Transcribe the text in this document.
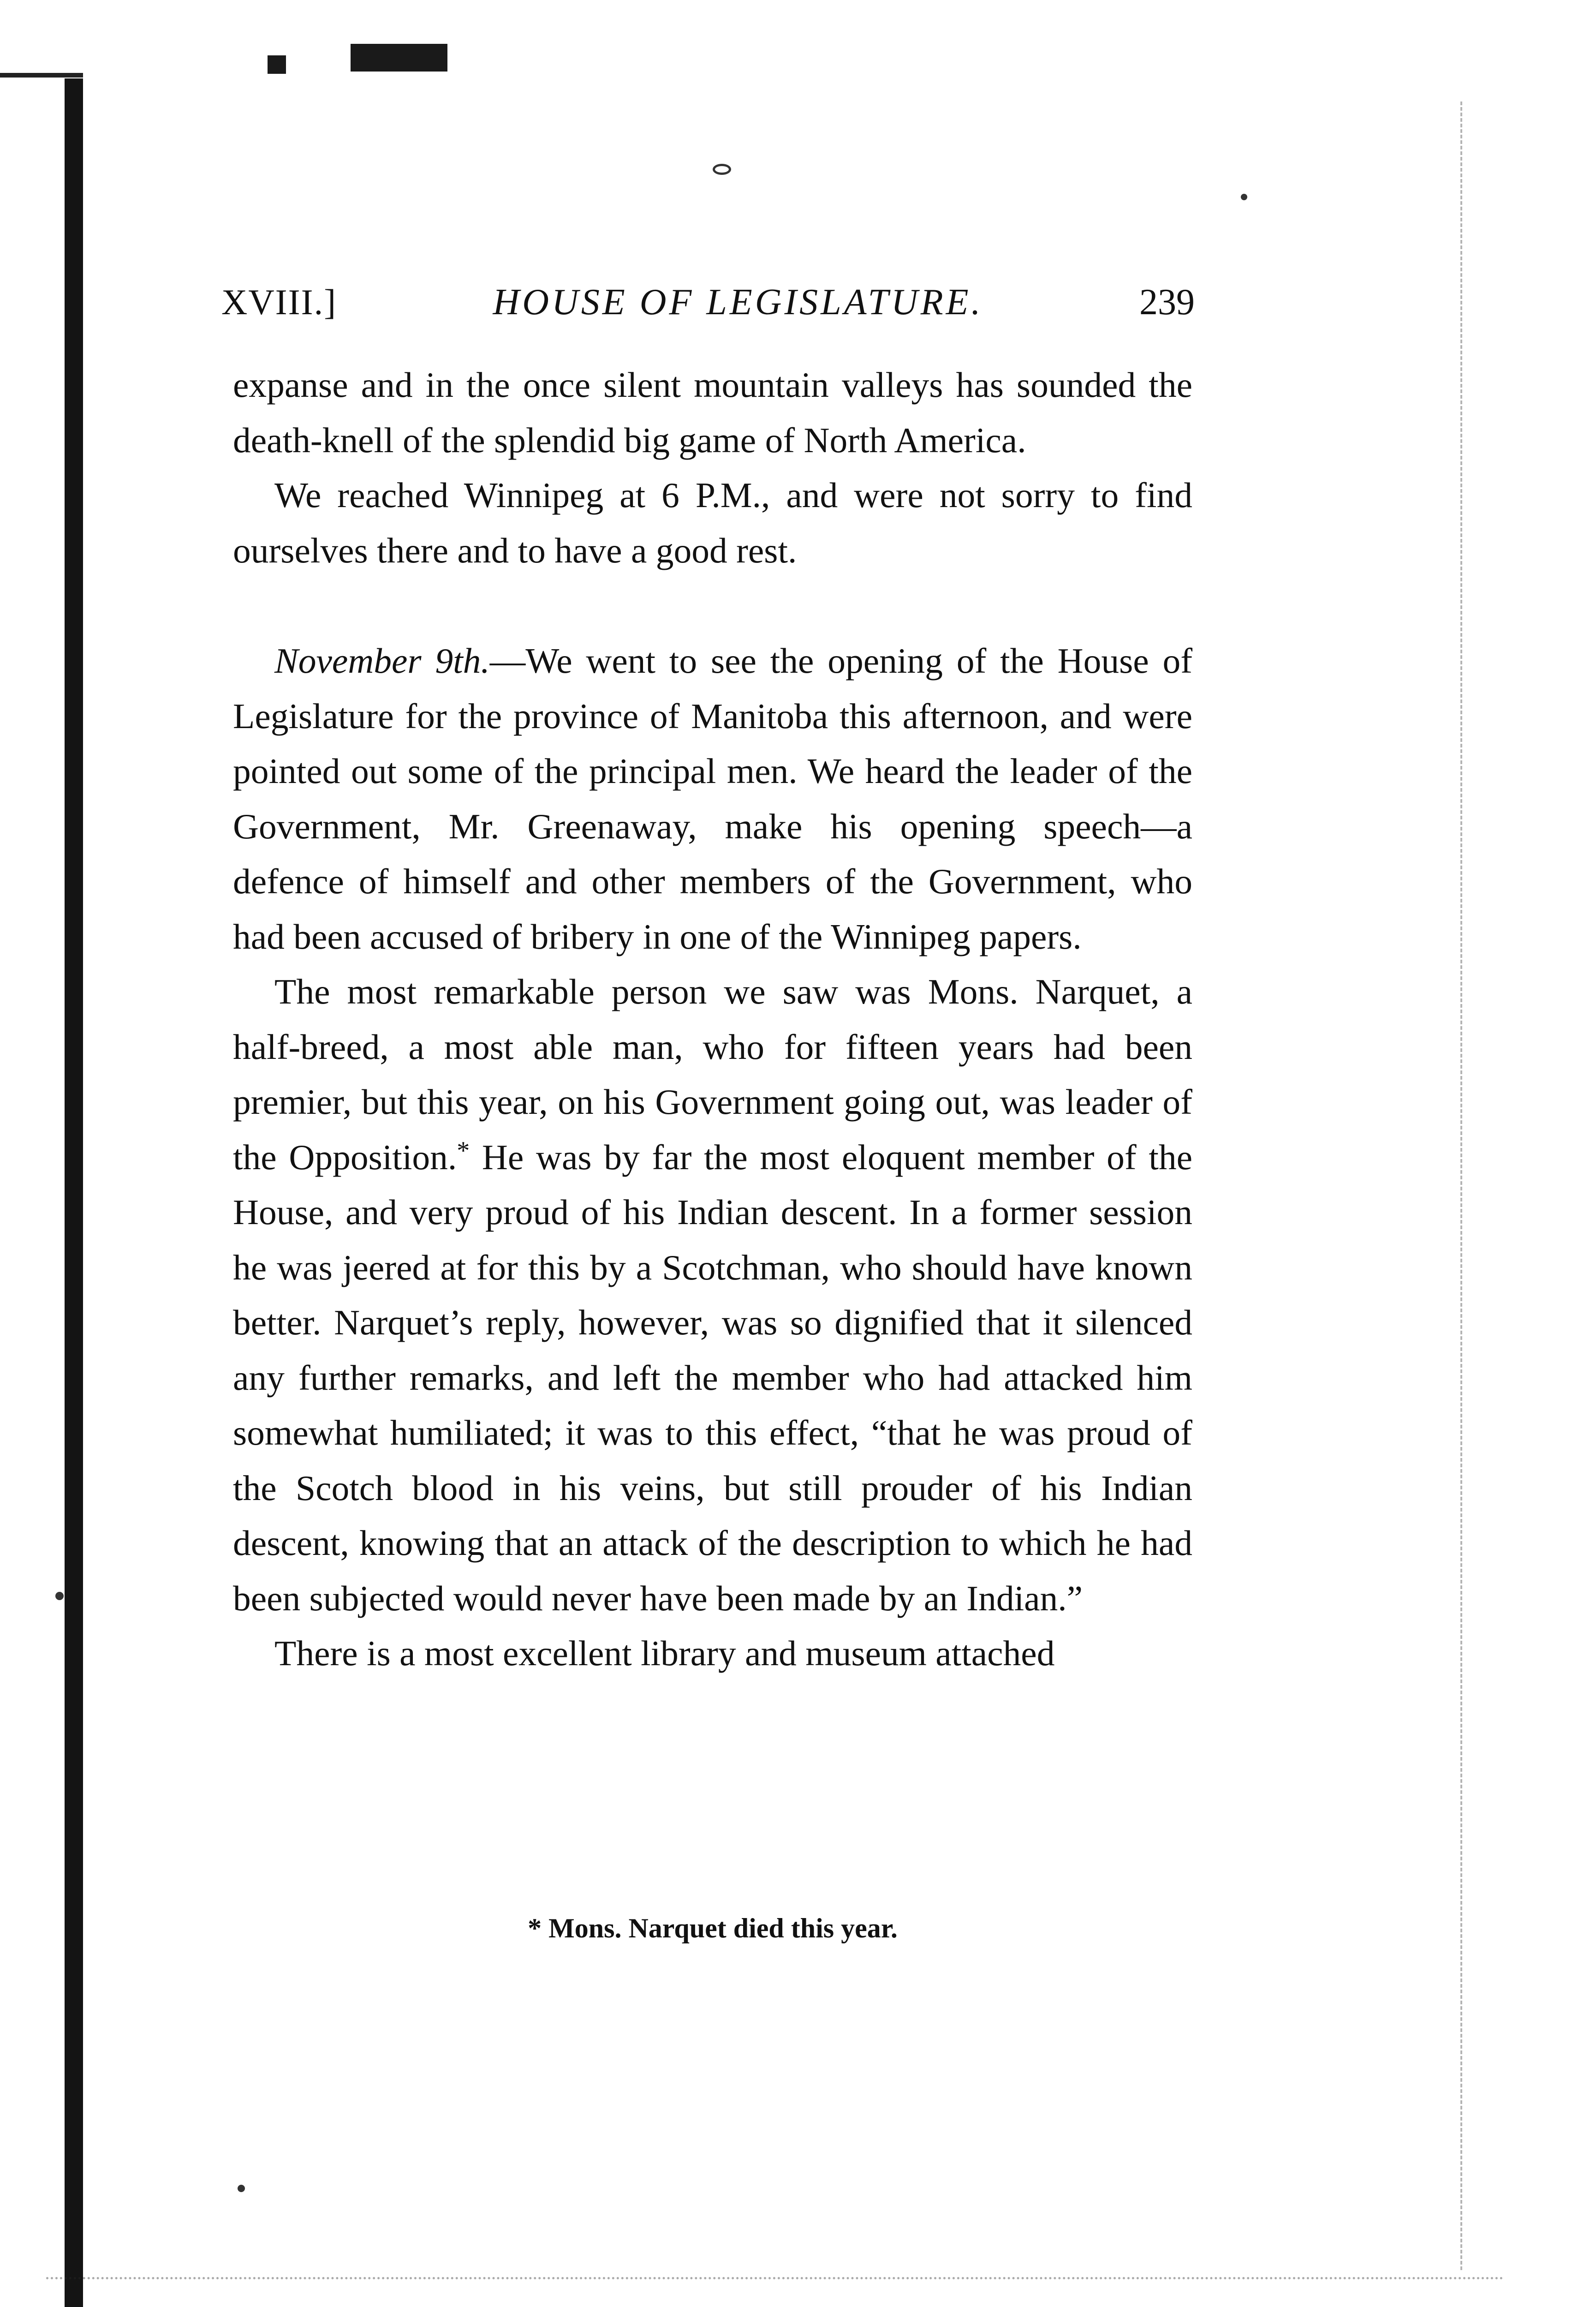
XVIII.]	HOUSE OF LEGISLATURE.	239

expanse and in the once silent mountain valleys has sounded the death-knell of the splendid big game of North America.

We reached Winnipeg at 6 P.M., and were not sorry to find ourselves there and to have a good rest.

November 9th.—We went to see the opening of the House of Legislature for the province of Manitoba this afternoon, and were pointed out some of the principal men. We heard the leader of the Government, Mr. Greenaway, make his opening speech—a defence of himself and other members of the Government, who had been accused of bribery in one of the Winnipeg papers.

The most remarkable person we saw was Mons. Narquet, a half-breed, a most able man, who for fifteen years had been premier, but this year, on his Government going out, was leader of the Opposition.* He was by far the most eloquent member of the House, and very proud of his Indian descent. In a former session he was jeered at for this by a Scotchman, who should have known better. Narquet’s reply, however, was so dignified that it silenced any further remarks, and left the member who had attacked him somewhat humiliated; it was to this effect, “that he was proud of the Scotch blood in his veins, but still prouder of his Indian descent, knowing that an attack of the description to which he had been subjected would never have been made by an Indian.”

There is a most excellent library and museum attached

* Mons. Narquet died this year.
